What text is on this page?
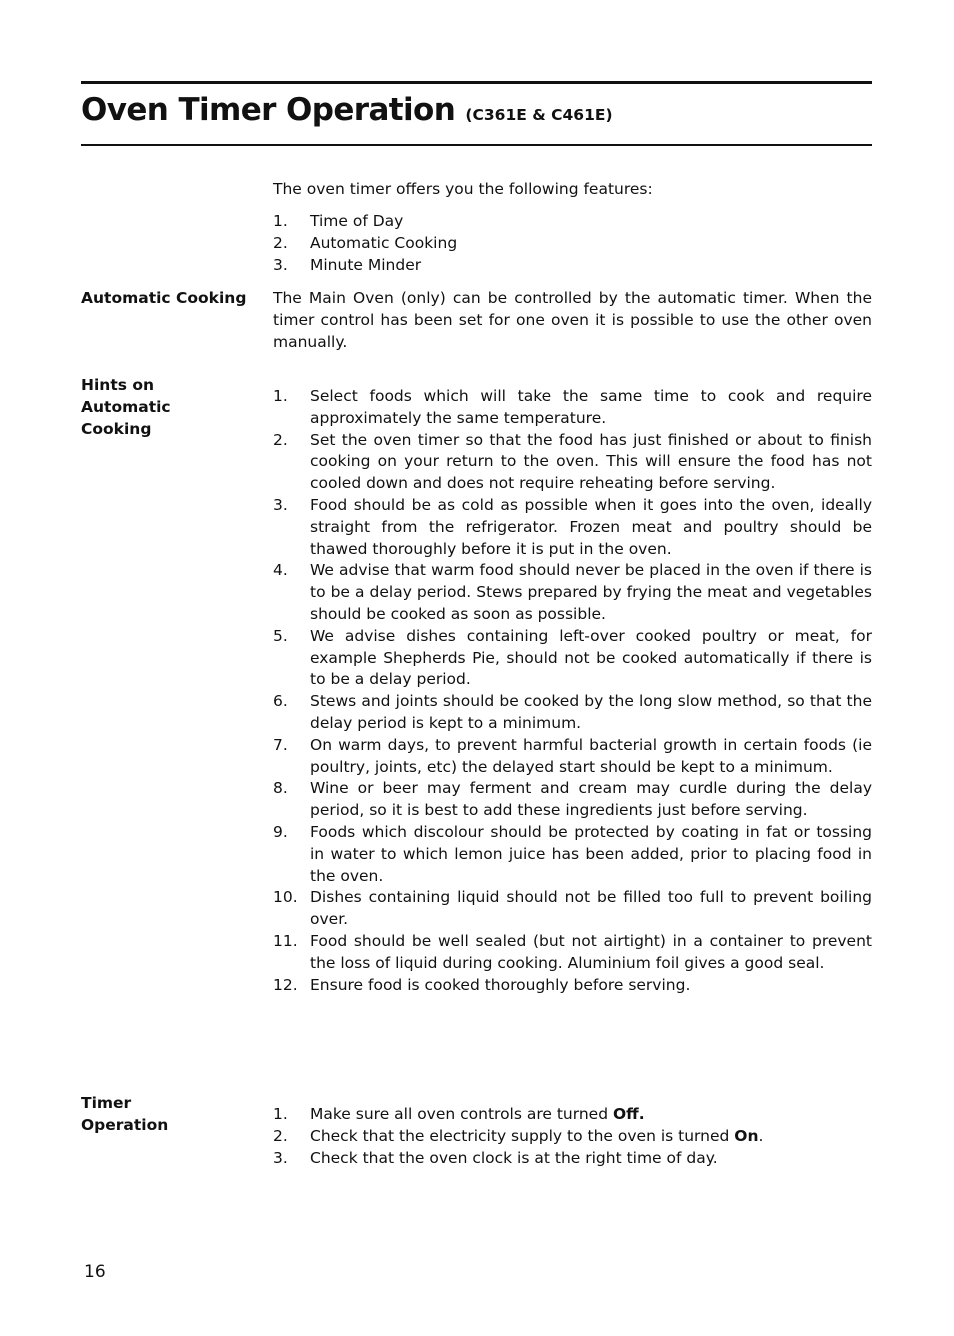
Oven Timer Operation (C361E & C461E)

The oven timer offers you the following features:

1.	Time of Day
2.	Automatic Cooking
3.	Minute Minder

Automatic Cooking	The Main Oven (only) can be controlled by the automatic timer. When the timer control has been set for one oven it is possible to use the other oven manually.

Hints on
Automatic
Cooking

1.	Select foods which will take the same time to cook and require approximately the same temperature.
2.	Set the oven timer so that the food has just finished or about to finish cooking on your return to the oven. This will ensure the food has not cooled down and does not require reheating before serving.
3.	Food should be as cold as possible when it goes into the oven, ideally straight from the refrigerator. Frozen meat and poultry should be thawed thoroughly before it is put in the oven.
4.	We advise that warm food should never be placed in the oven if there is to be a delay period. Stews prepared by frying the meat and vegetables should be cooked as soon as possible.
5.	We advise dishes containing left-over cooked poultry or meat, for example Shepherds Pie, should not be cooked automatically if there is to be a delay period.
6.	Stews and joints should be cooked by the long slow method, so that the delay period is kept to a minimum.
7.	On warm days, to prevent harmful bacterial growth in certain foods (ie poultry, joints, etc) the delayed start should be kept to a minimum.
8.	Wine or beer may ferment and cream may curdle during the delay period, so it is best to add these ingredients just before serving.
9.	Foods which discolour should be protected by coating in fat or tossing in water to which lemon juice has been added, prior to placing food in the oven.
10. Dishes containing liquid should not be filled too full to prevent boiling over.
11. Food should be well sealed (but not airtight) in a container to prevent the loss of liquid during cooking. Aluminium foil gives a good seal.
12. Ensure food is cooked thoroughly before serving.

Timer
Operation

1.	Make sure all oven controls are turned Off.
2.	Check that the electricity supply to the oven is turned On.
3.	Check that the oven clock is at the right time of day.
16
